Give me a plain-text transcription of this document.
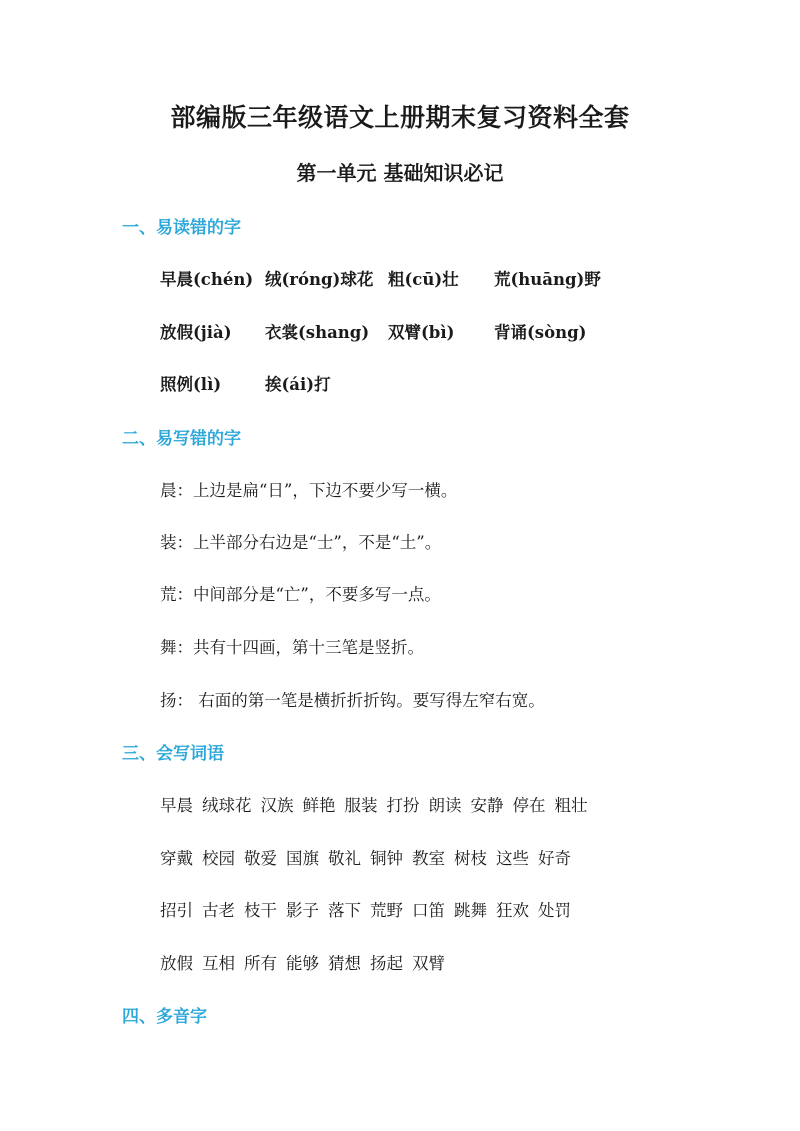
部编版三年级语文上册期末复习资料全套
第一单元 基础知识必记
一、易读错的字
早晨(chén) 绒(róng)球花 粗(cū)壮 荒(huāng)野
放假(jià) 衣裳(shang) 双臂(bì) 背诵(sòng)
照例(lì)	挨(ái)打
二、易写错的字
晨：上边是扁“日”，下边不要少写一横。
装：上半部分右边是“士”，不是“土”。
荒：中间部分是“亡”，不要多写一点。
舞：共有十四画，第十三笔是竖折。
扬： 右面的第一笔是横折折折钩。要写得左窄右宽。
三、会写词语
早晨 绒球花 汉族 鲜艳 服装 打扮 朗读 安静 停在 粗壮
穿戴 校园 敬爱 国旗 敬礼 铜钟 教室 树枝 这些 好奇
招引 古老 枝干 影子 落下 荒野 口笛 跳舞 狂欢 处罚
放假 互相 所有 能够 猜想 扬起 双臂
四、多音字
